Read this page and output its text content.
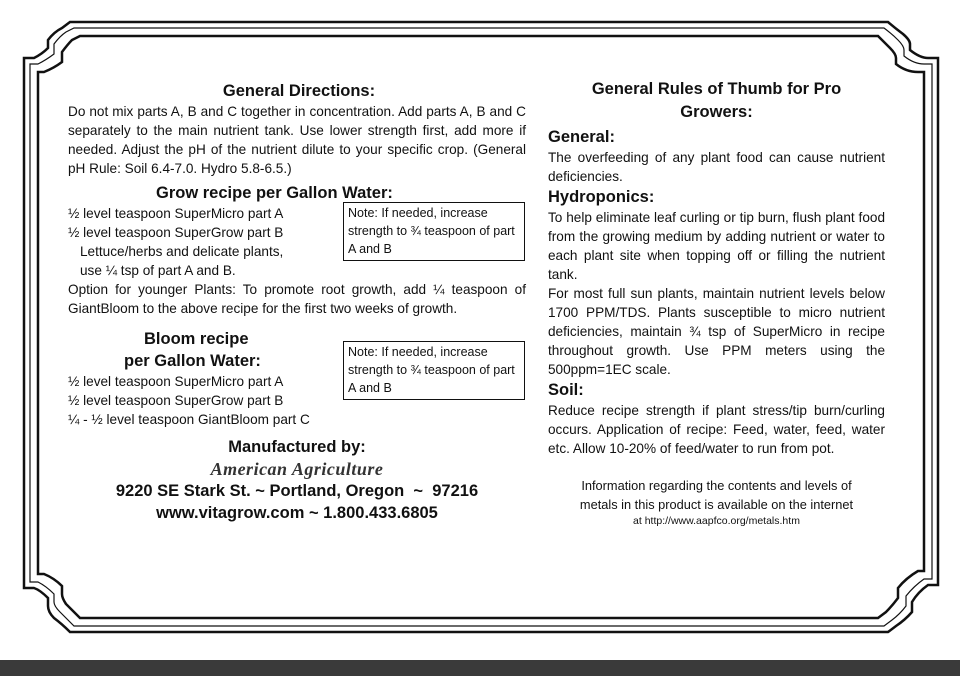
General Directions:

Do not mix parts A, B and C together in concentration. Add parts A, B and C separately to the main nutrient tank. Use lower strength first, add more if needed. Adjust the pH of the nutrient dilute to your specific crop. (General pH Rule: Soil 6.4-7.0. Hydro 5.8-6.5.)

Grow recipe per Gallon Water:
½ level teaspoon SuperMicro part A
½ level teaspoon SuperGrow part B
Lettuce/herbs and delicate plants,
use ¼ tsp of part A and B.
Note: If needed, increase strength to ¾ teaspoon of part A and B

Option for younger Plants: To promote root growth, add ¼ teaspoon of GiantBloom to the above recipe for the first two weeks of growth.

Bloom recipe
per Gallon Water:
½ level teaspoon SuperMicro part A
½ level teaspoon SuperGrow part B
¼ - ½ level teaspoon GiantBloom part C
Note: If needed, increase strength to ¾ teaspoon of part A and B
Manufactured by:
American Agriculture
9220 SE Stark St. ~ Portland, Oregon  ~  97216
www.vitagrow.com ~ 1.800.433.6805
General Rules of Thumb for Pro Growers:
General:

The overfeeding of any plant food can cause nutrient deficiencies.

Hydroponics:

To help eliminate leaf curling or tip burn, flush plant food from the growing medium by adding nutrient or water to each plant site when topping off or filling the nutrient tank.

For most full sun plants, maintain nutrient levels below 1700 PPM/TDS. Plants susceptible to micro nutrient deficiencies, maintain ¾ tsp of SuperMicro in recipe throughout growth. Use PPM meters using the 500ppm=1EC scale.

Soil:

Reduce recipe strength if plant stress/tip burn/curling occurs. Application of recipe: Feed, water, feed, water etc. Allow 10-20% of feed/water to run from pot.

Information regarding the contents and levels of
metals in this product is available on the internet
at http://www.aapfco.org/metals.htm
